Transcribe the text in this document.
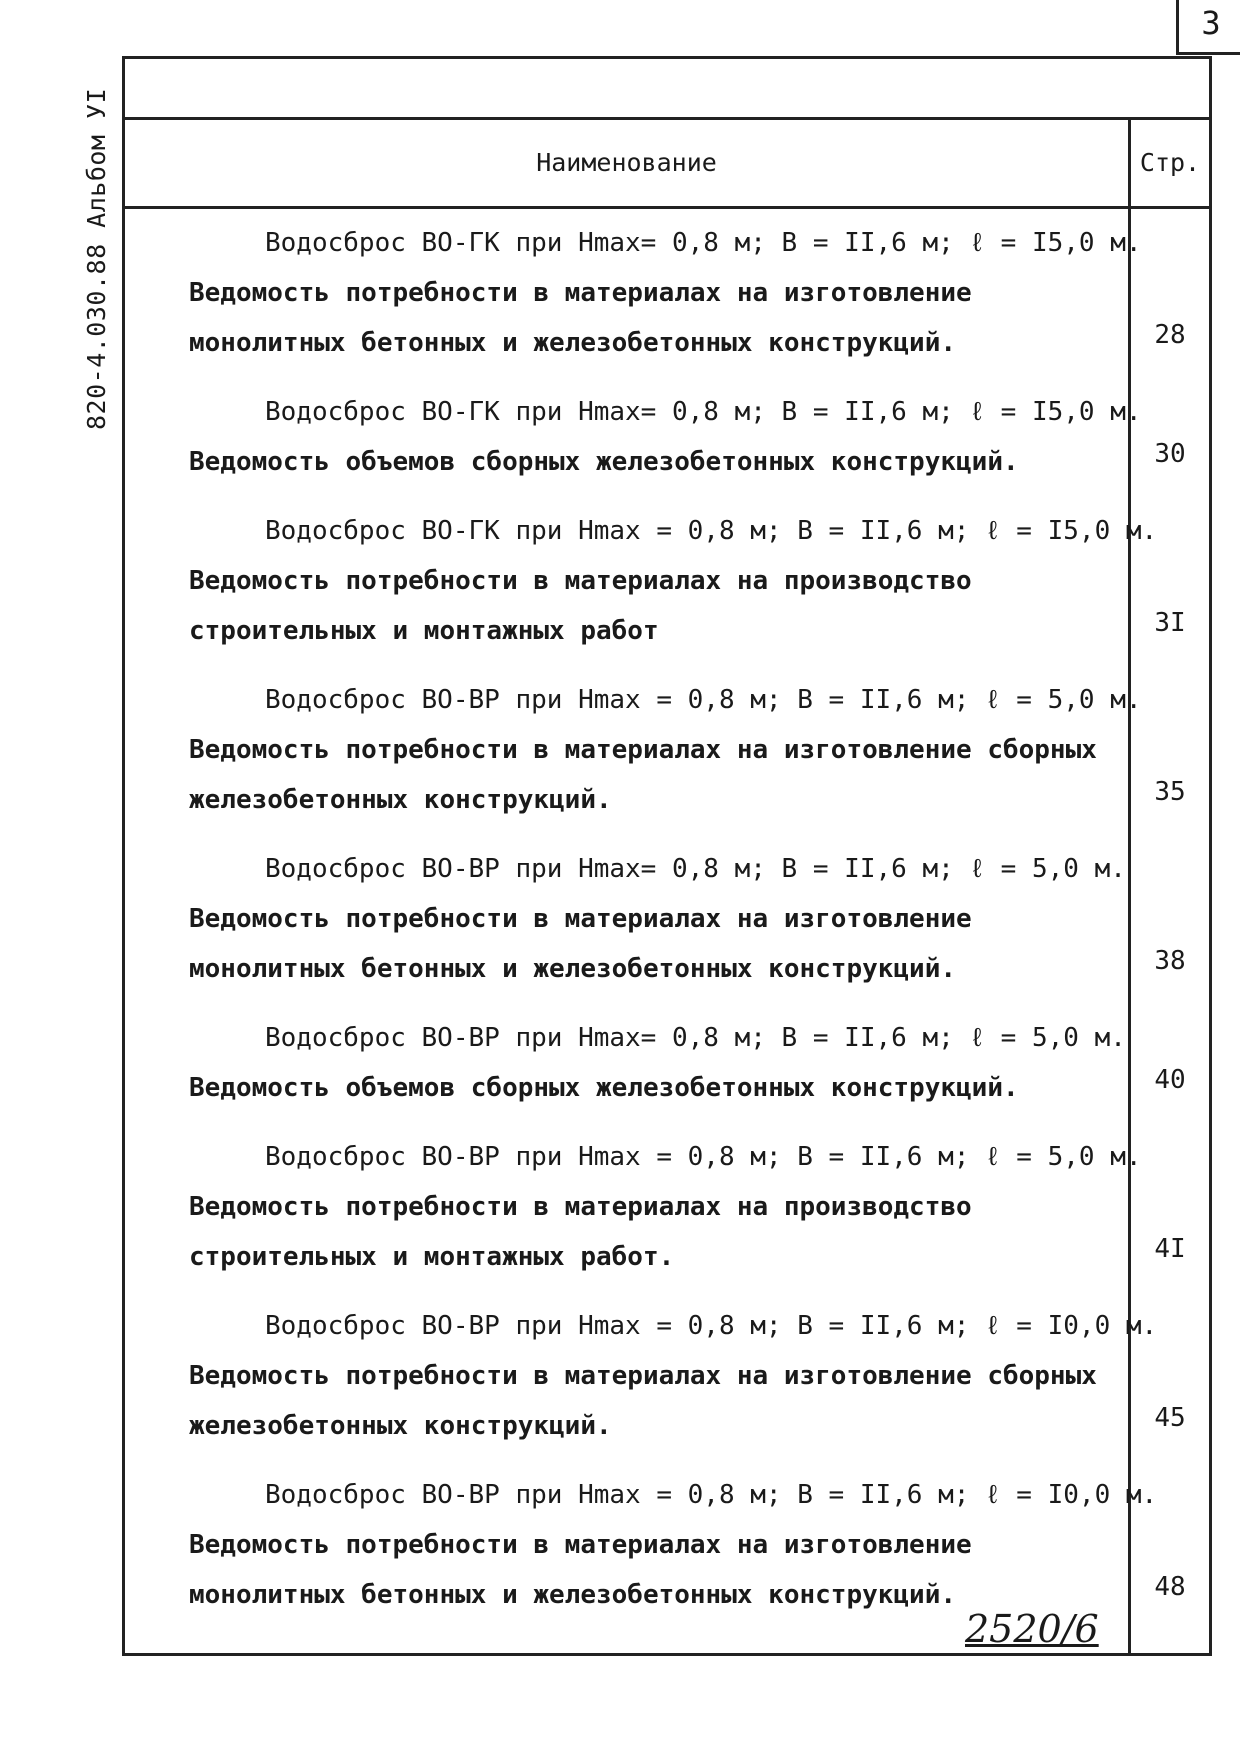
3
820-4.030.88 Альбом УI	Наименование	Стр.
Водосброс ВО-ГК при Hmax= 0,8 м; В = II,6 м; ℓ = I5,0 м.
Ведомость потребности в материалах на изготовление монолитных бетонных и железобетонных конструкций.	28
Водосброс ВО-ГК при Hmax= 0,8 м; В = II,6 м; ℓ = I5,0 м.
Ведомость объемов сборных железобетонных конструкций.	30
Водосброс ВО-ГК при Hmax = 0,8 м; В = II,6 м; ℓ = I5,0 м.
Ведомость потребности в материалах на производство строительных и монтажных работ	3I
Водосброс ВО-ВР при Hmax = 0,8 м; В = II,6 м; ℓ = 5,0 м.
Ведомость потребности в материалах на изготовление сборных железобетонных конструкций.	35
Водосброс ВО-ВР при Hmax= 0,8 м; В = II,6 м; ℓ = 5,0 м.
Ведомость потребности в материалах на изготовление монолитных бетонных и железобетонных конструкций.	38
Водосброс ВО-ВР при Hmax= 0,8 м; В = II,6 м; ℓ = 5,0 м.
Ведомость объемов сборных железобетонных конструкций.	40
Водосброс ВО-ВР при Hmax = 0,8 м; В = II,6 м; ℓ = 5,0 м.
Ведомость потребности в материалах на производство строительных и монтажных работ.	4I
Водосброс ВО-ВР при Hmax = 0,8 м; В = II,6 м; ℓ = I0,0 м.
Ведомость потребности в материалах на изготовление сборных железобетонных конструкций.	45
Водосброс ВО-ВР при Hmax = 0,8 м; В = II,6 м; ℓ = I0,0 м.
Ведомость потребности в материалах на изготовление монолитных бетонных и железобетонных конструкций.	48
2520/6
